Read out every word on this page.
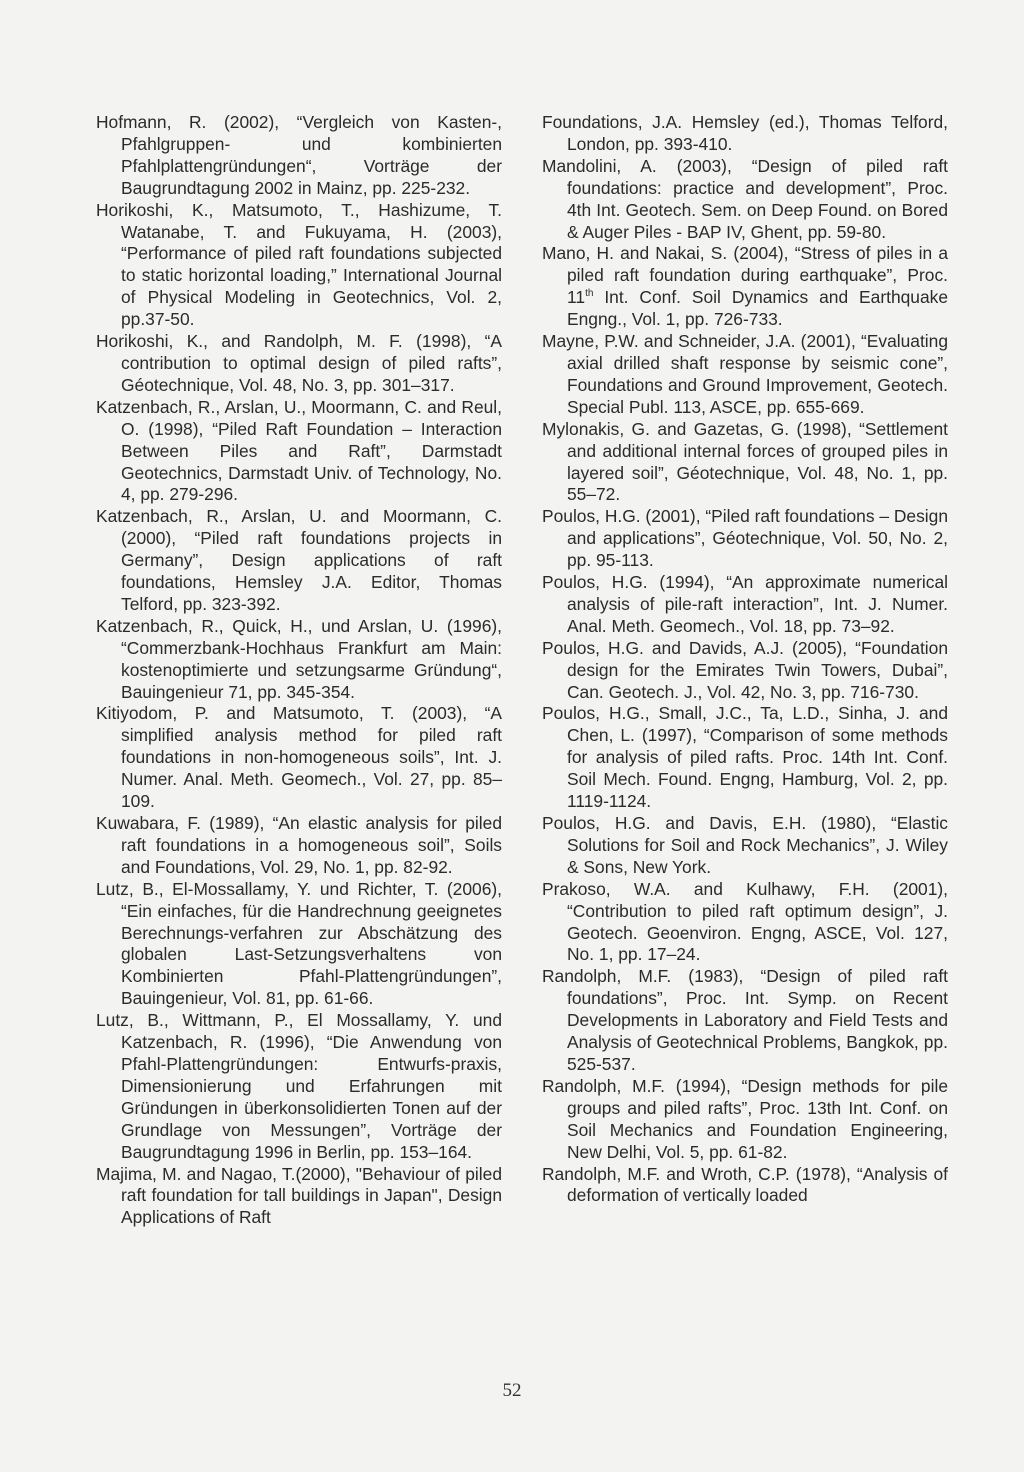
Hofmann, R. (2002), “Vergleich von Kasten-, Pfahlgruppen- und kombinierten Pfahlplattengründungen“, Vorträge der Baugrundtagung 2002 in Mainz, pp. 225-232.

Horikoshi, K., Matsumoto, T., Hashizume, T. Watanabe, T. and Fukuyama, H. (2003), “Performance of piled raft foundations subjected to static horizontal loading,” International Journal of Physical Modeling in Geotechnics, Vol. 2, pp.37-50.

Horikoshi, K., and Randolph, M. F. (1998), “A contribution to optimal design of piled rafts”, Géotechnique, Vol. 48, No. 3, pp. 301–317.

Katzenbach, R., Arslan, U., Moormann, C. and Reul, O. (1998), “Piled Raft Foundation – Interaction Between Piles and Raft”, Darmstadt Geotechnics, Darmstadt Univ. of Technology, No. 4, pp. 279-296.

Katzenbach, R., Arslan, U. and Moormann, C. (2000), “Piled raft foundations projects in Germany”, Design applications of raft foundations, Hemsley J.A. Editor, Thomas Telford, pp. 323-392.

Katzenbach, R., Quick, H., und Arslan, U. (1996), “Commerzbank-Hochhaus Frankfurt am Main: kostenoptimierte und setzungsarme Gründung“, Bauingenieur 71, pp. 345-354.

Kitiyodom, P. and Matsumoto, T. (2003), “A simplified analysis method for piled raft foundations in non-homogeneous soils”, Int. J. Numer. Anal. Meth. Geomech., Vol. 27, pp. 85–109.

Kuwabara, F. (1989), “An elastic analysis for piled raft foundations in a homogeneous soil”, Soils and Foundations, Vol. 29, No. 1, pp. 82-92.

Lutz, B., El-Mossallamy, Y. und Richter, T. (2006), “Ein einfaches, für die Handrechnung geeignetes Berechnungs-verfahren zur Abschätzung des globalen Last-Setzungsverhaltens von Kombinierten Pfahl-Plattengründungen”, Bauingenieur, Vol. 81, pp. 61-66.

Lutz, B., Wittmann, P., El Mossallamy, Y. und Katzenbach, R. (1996), “Die Anwendung von Pfahl-Plattengründungen: Entwurfs-praxis, Dimensionierung und Erfahrungen mit Gründungen in überkonsolidierten Tonen auf der Grundlage von Messungen”, Vorträge der Baugrundtagung 1996 in Berlin, pp. 153–164.

Majima, M. and Nagao, T.(2000), "Behaviour of piled raft foundation for tall buildings in Japan", Design Applications of Raft

Foundations, J.A. Hemsley (ed.), Thomas Telford, London, pp. 393-410.

Mandolini, A. (2003), “Design of piled raft foundations: practice and development”, Proc. 4th Int. Geotech. Sem. on Deep Found. on Bored & Auger Piles - BAP IV, Ghent, pp. 59-80.

Mano, H. and Nakai, S. (2004), “Stress of piles in a piled raft foundation during earthquake”, Proc. 11th Int. Conf. Soil Dynamics and Earthquake Engng., Vol. 1, pp. 726-733.

Mayne, P.W. and Schneider, J.A. (2001), “Evaluating axial drilled shaft response by seismic cone”, Foundations and Ground Improvement, Geotech. Special Publ. 113, ASCE, pp. 655-669.

Mylonakis, G. and Gazetas, G. (1998), “Settlement and additional internal forces of grouped piles in layered soil”, Géotechnique, Vol. 48, No. 1, pp. 55–72.

Poulos, H.G. (2001), “Piled raft foundations – Design and applications”, Géotechnique, Vol. 50, No. 2, pp. 95-113.

Poulos, H.G. (1994), “An approximate numerical analysis of pile-raft interaction”, Int. J. Numer. Anal. Meth. Geomech., Vol. 18, pp. 73–92.

Poulos, H.G. and Davids, A.J. (2005), “Foundation design for the Emirates Twin Towers, Dubai”, Can. Geotech. J., Vol. 42, No. 3, pp. 716-730.

Poulos, H.G., Small, J.C., Ta, L.D., Sinha, J. and Chen, L. (1997), “Comparison of some methods for analysis of piled rafts. Proc. 14th Int. Conf. Soil Mech. Found. Engng, Hamburg, Vol. 2, pp. 1119-1124.

Poulos, H.G. and Davis, E.H. (1980), “Elastic Solutions for Soil and Rock Mechanics”, J. Wiley & Sons, New York.

Prakoso, W.A. and Kulhawy, F.H. (2001), “Contribution to piled raft optimum design”, J. Geotech. Geoenviron. Engng, ASCE, Vol. 127, No. 1, pp. 17–24.

Randolph, M.F. (1983), “Design of piled raft foundations”, Proc. Int. Symp. on Recent Developments in Laboratory and Field Tests and Analysis of Geotechnical Problems, Bangkok, pp. 525-537.

Randolph, M.F. (1994), “Design methods for pile groups and piled rafts”, Proc. 13th Int. Conf. on Soil Mechanics and Foundation Engineering, New Delhi, Vol. 5, pp. 61-82.

Randolph, M.F. and Wroth, C.P. (1978), “Analysis of deformation of vertically loaded

52
